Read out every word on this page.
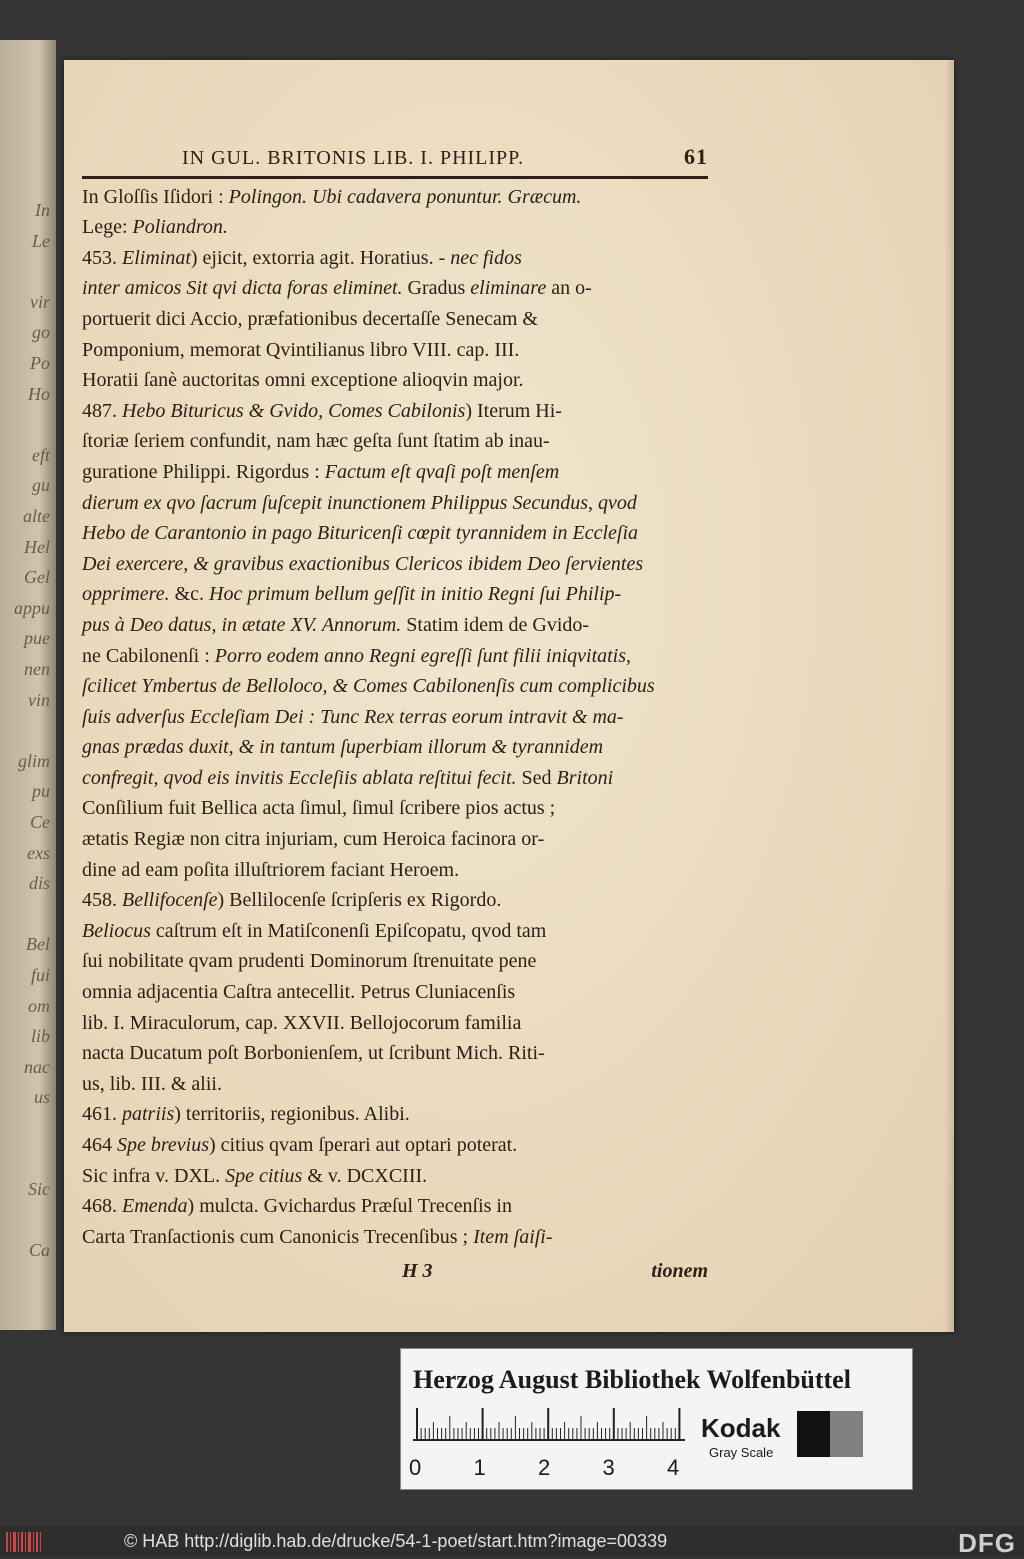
In
Le
vir
go
Po
Ho
eft
gu
alte
Hel
Gel
appu
pue
nen
vin
glim
pu
Ce
exs
dis
Bel
fui
om
lib
nac
us
Sic
Ca
IN GUL. BRITONIS LIB. I. PHILIPP.	61
In Gloſſis Iſidori : Polingon. Ubi cadavera ponuntur. Græcum.
Lege: Poliandron.
453. Eliminat) ejicit, extorria agit. Horatius. - nec fidos
inter amicos Sit qvi dicta foras eliminet. Gradus eliminare an o-
portuerit dici Accio, præfationibus decertaſſe Senecam &
Pomponium, memorat Qvintilianus libro VIII. cap. III.
Horatii ſanè auctoritas omni exceptione alioqvin major.
487. Hebo Bituricus & Gvido, Comes Cabilonis) Iterum Hi-
ſtoriæ ſeriem confundit, nam hæc geſta ſunt ſtatim ab inau-
guratione Philippi. Rigordus : Factum eſt qvaſi poſt menſem
dierum ex qvo ſacrum ſuſcepit inunctionem Philippus Secundus, qvod
Hebo de Carantonio in pago Bituricenſi cœpit tyrannidem in Eccleſia
Dei exercere, & gravibus exactionibus Clericos ibidem Deo ſervientes
opprimere. &c. Hoc primum bellum geſſit in initio Regni ſui Philip-
pus à Deo datus, in ætate XV. Annorum. Statim idem de Gvido-
ne Cabilonenſi : Porro eodem anno Regni egreſſi ſunt filii iniqvitatis,
ſcilicet Ymbertus de Belloloco, & Comes Cabilonenſis cum complicibus
ſuis adverſus Eccleſiam Dei : Tunc Rex terras eorum intravit & ma-
gnas prædas duxit, & in tantum ſuperbiam illorum & tyrannidem
confregit, qvod eis invitis Eccleſiis ablata reſtitui fecit. Sed Britoni
Conſilium fuit Bellica acta ſimul, ſimul ſcribere pios actus ;
ætatis Regiæ non citra injuriam, cum Heroica facinora or-
dine ad eam poſita illuſtriorem faciant Heroem.
458. Bellifocenſe) Bellilocenſe ſcripſeris ex Rigordo.
Beliocus caſtrum eſt in Matiſconenſi Epiſcopatu, qvod tam
ſui nobilitate qvam prudenti Dominorum ſtrenuitate pene
omnia adjacentia Caſtra antecellit. Petrus Cluniacenſis
lib. I. Miraculorum, cap. XXVII. Bellojocorum familia
nacta Ducatum poſt Borbonienſem, ut ſcribunt Mich. Riti-
us, lib. III. & alii.
461. patriis) territoriis, regionibus. Alibi.
464 Spe brevius) citius qvam ſperari aut optari poterat.
Sic infra v. DXL. Spe citius & v. DCXCIII.
468. Emenda) mulcta. Gvichardus Præſul Trecenſis in
Carta Tranſactionis cum Canonicis Trecenſibus ; Item ſaiſi-
H 3	tionem
Herzog August Bibliothek Wolfenbüttel
0 1 2 3 4
Kodak
Gray Scale
© HAB http://diglib.hab.de/drucke/54-1-poet/start.htm?image=00339	DFG
